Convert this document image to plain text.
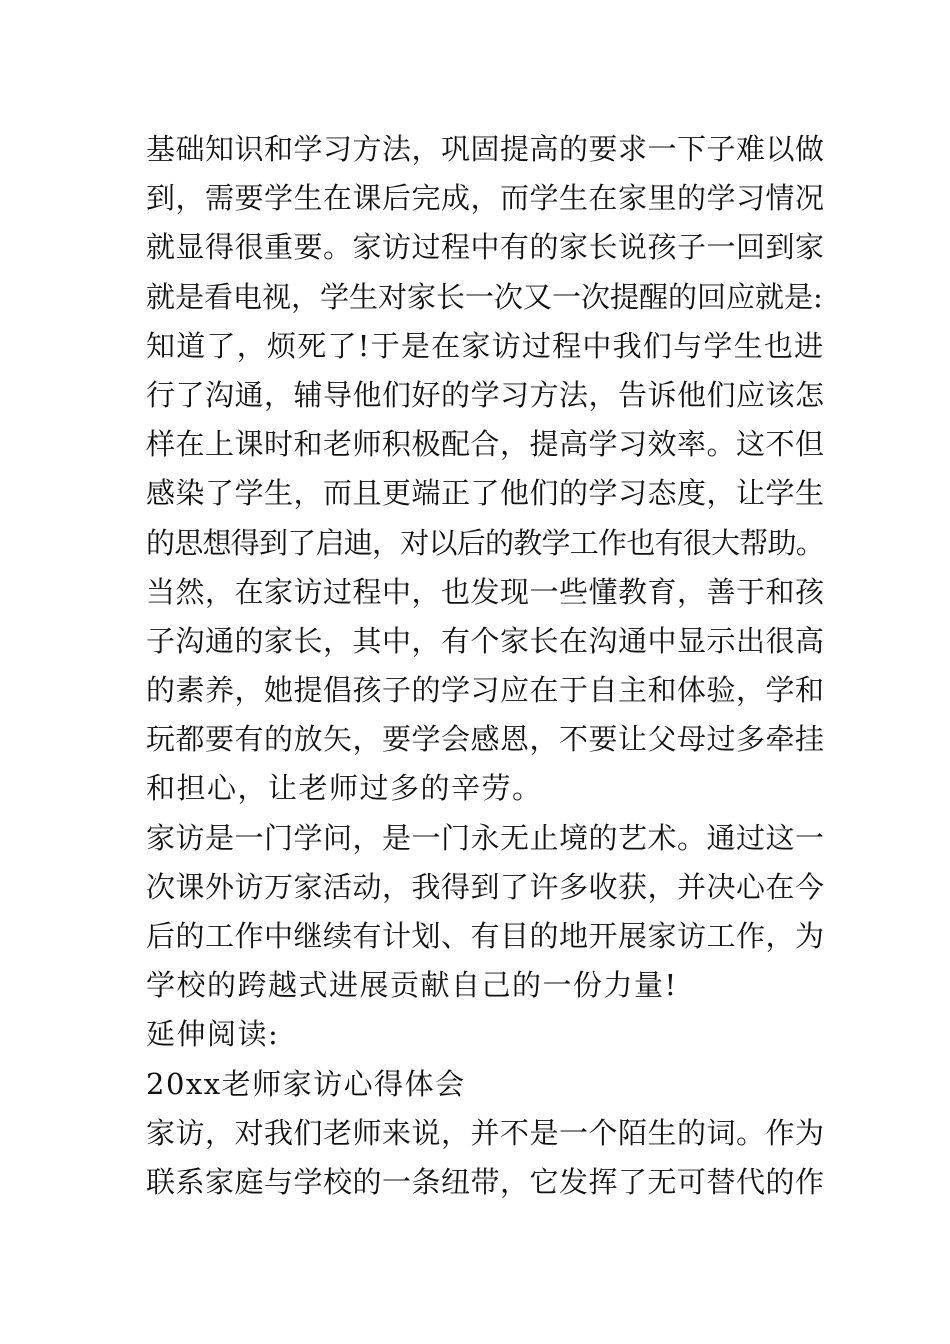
基础知识和学习方法，巩固提高的要求一下子难以做
到，需要学生在课后完成，而学生在家里的学习情况
就显得很重要。家访过程中有的家长说孩子一回到家
就是看电视，学生对家长一次又一次提醒的回应就是:
知道了，烦死了!于是在家访过程中我们与学生也进
行了沟通，辅导他们好的学习方法，告诉他们应该怎
样在上课时和老师积极配合，提高学习效率。这不但
感染了学生，而且更端正了他们的学习态度，让学生
的思想得到了启迪，对以后的教学工作也有很大帮助。
当然，在家访过程中，也发现一些懂教育，善于和孩
子沟通的家长，其中，有个家长在沟通中显示出很高
的素养，她提倡孩子的学习应在于自主和体验，学和
玩都要有的放矢，要学会感恩，不要让父母过多牵挂
和担心，让老师过多的辛劳。
家访是一门学问，是一门永无止境的艺术。通过这一
次课外访万家活动，我得到了许多收获，并决心在今
后的工作中继续有计划、有目的地开展家访工作，为
学校的跨越式进展贡献自己的一份力量!
延伸阅读:
20xx老师家访心得体会
家访，对我们老师来说，并不是一个陌生的词。作为
联系家庭与学校的一条纽带，它发挥了无可替代的作
